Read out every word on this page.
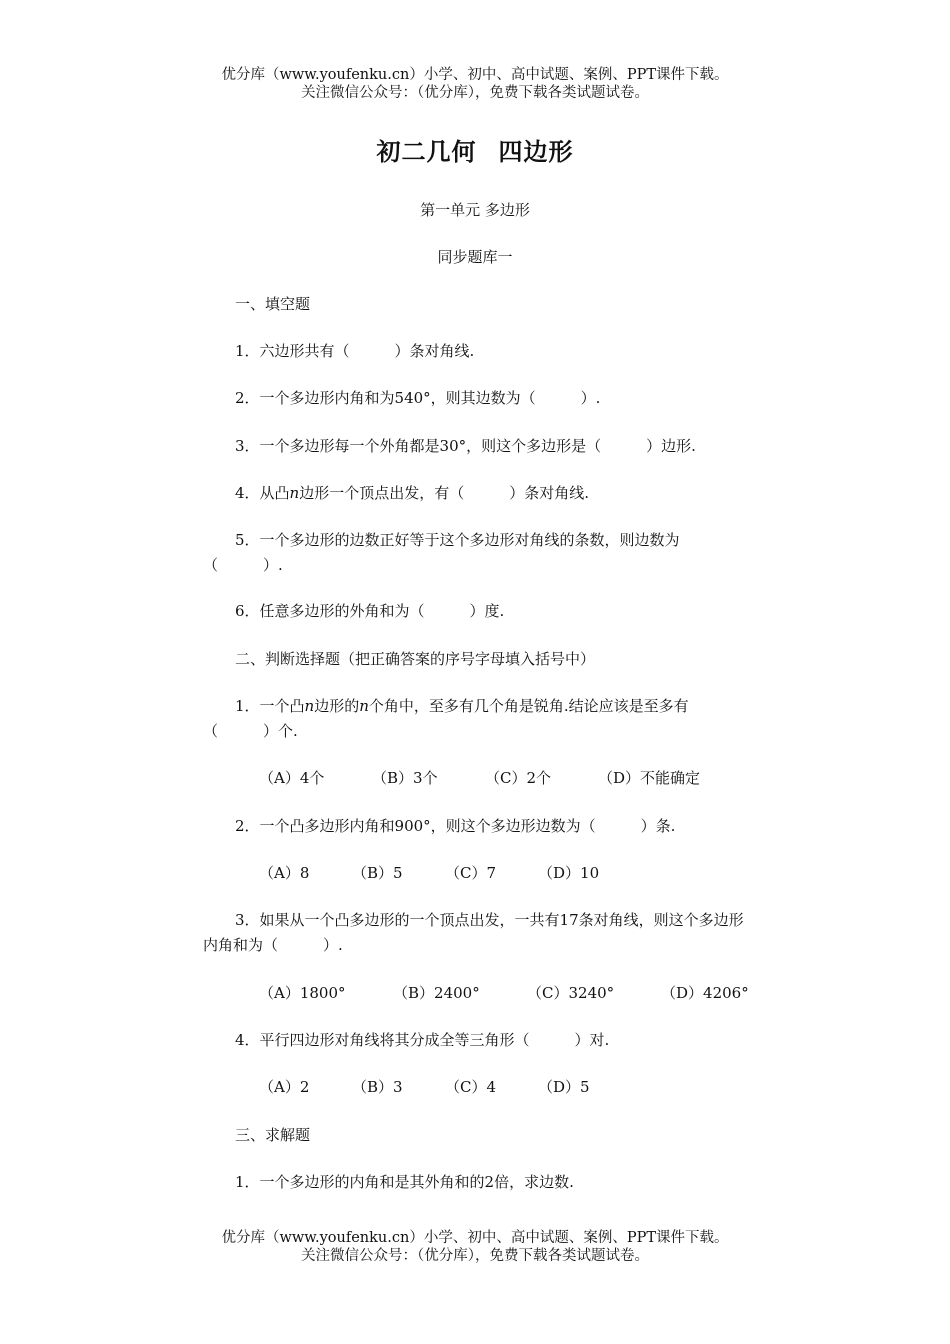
优分库（www.youfenku.cn）小学、初中、高中试题、案例、PPT课件下载。
关注微信公众号：（优分库），免费下载各类试题试卷。
初二几何 四边形
第一单元 多边形
同步题库一
一、填空题
1．六边形共有（　　　）条对角线.
2．一个多边形内角和为540°，则其边数为（　　　）.
3．一个多边形每一个外角都是30°，则这个多边形是（　　　）边形.
4．从凸n边形一个顶点出发，有（　　　）条对角线.
5．一个多边形的边数正好等于这个多边形对角线的条数，则边数为（　　　）.
6．任意多边形的外角和为（　　　）度.
二、判断选择题（把正确答案的序号字母填入括号中）
1．一个凸n边形的n个角中，至多有几个角是锐角.结论应该是至多有（　　　）个.
（A）4个	（B）3个	（C）2个	（D）不能确定
2．一个凸多边形内角和900°，则这个多边形边数为（　　　）条.
（A）8	（B）5	（C）7	（D）10
3．如果从一个凸多边形的一个顶点出发，一共有17条对角线，则这个多边形内角和为（　　　）.
（A）1800°	（B）2400°	（C）3240°	（D）4206°
4．平行四边形对角线将其分成全等三角形（　　　）对.
（A）2	（B）3	（C）4	（D）5
三、求解题
1．一个多边形的内角和是其外角和的2倍，求边数.
优分库（www.youfenku.cn）小学、初中、高中试题、案例、PPT课件下载。
关注微信公众号：（优分库），免费下载各类试题试卷。
